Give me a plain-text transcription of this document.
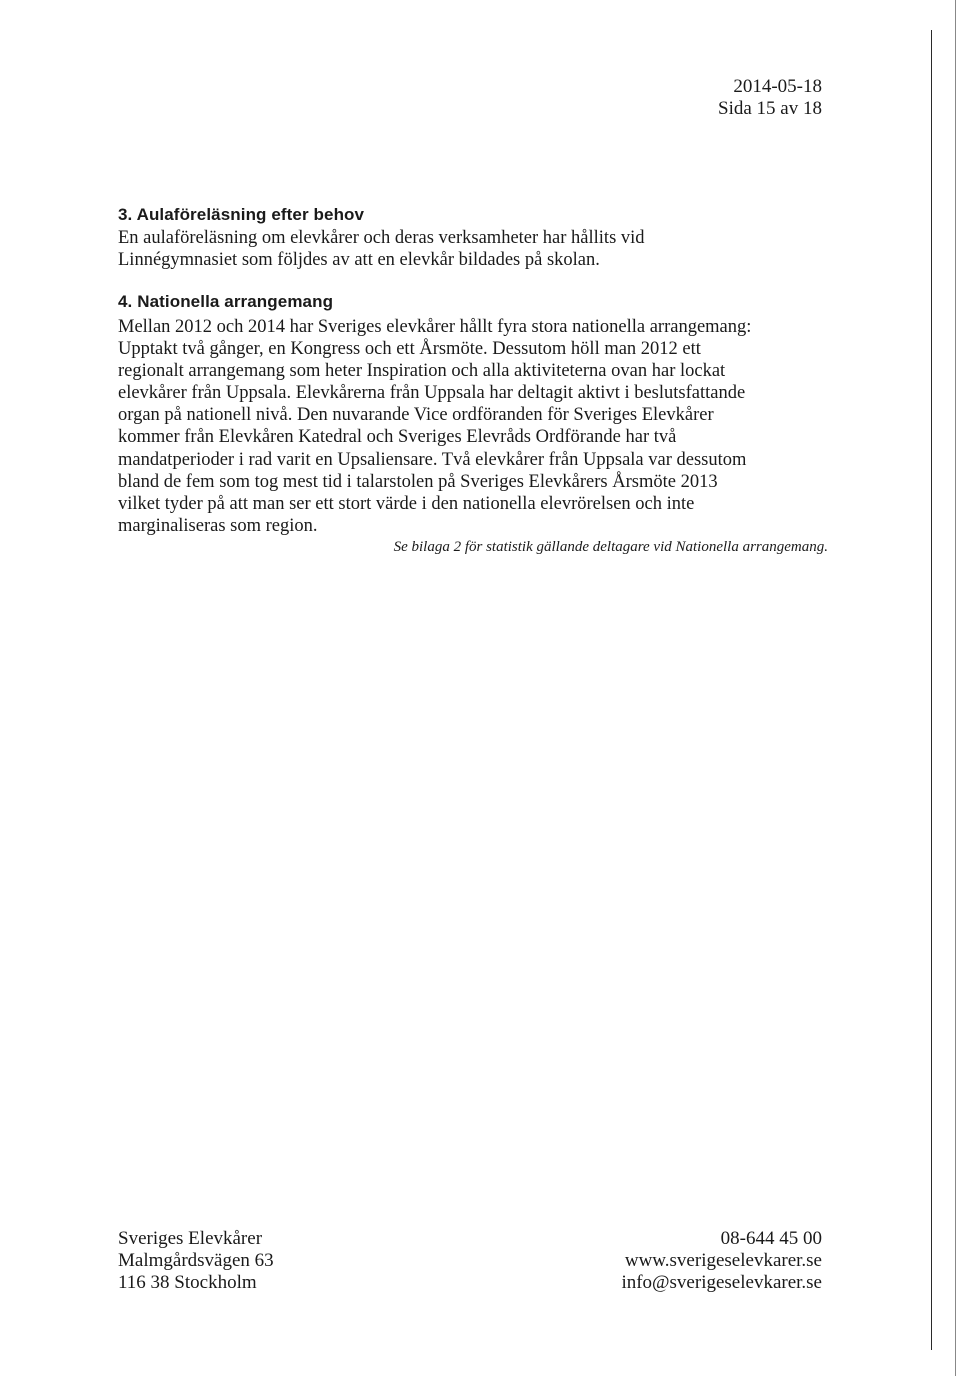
2014-05-18
Sida 15 av 18
3. Aulaföreläsning efter behov

En aulaföreläsning om elevkårer och deras verksamheter har hållits vid
Linnégymnasiet som följdes av att en elevkår bildades på skolan.

4. Nationella arrangemang

Mellan 2012 och 2014 har Sveriges elevkårer hållt fyra stora nationella arrangemang:
Upptakt två gånger, en Kongress och ett Årsmöte. Dessutom höll man 2012 ett
regionalt arrangemang som heter Inspiration och alla aktiviteterna ovan har lockat
elevkårer från Uppsala. Elevkårerna från Uppsala har deltagit aktivt i beslutsfattande
organ på nationell nivå. Den nuvarande Vice ordföranden för Sveriges Elevkårer
kommer från Elevkåren Katedral och Sveriges Elevråds Ordförande har två
mandatperioder i rad varit en Upsaliensare. Två elevkårer från Uppsala var dessutom
bland de fem som tog mest tid i talarstolen på Sveriges Elevkårers Årsmöte 2013
vilket tyder på att man ser ett stort värde i den nationella elevrörelsen och inte
marginaliseras som region.

Se bilaga 2 för statistik gällande deltagare vid Nationella arrangemang.
Sveriges Elevkårer
Malmgårdsvägen 63
116 38 Stockholm
08-644 45 00
www.sverigeselevkarer.se
info@sverigeselevkarer.se
